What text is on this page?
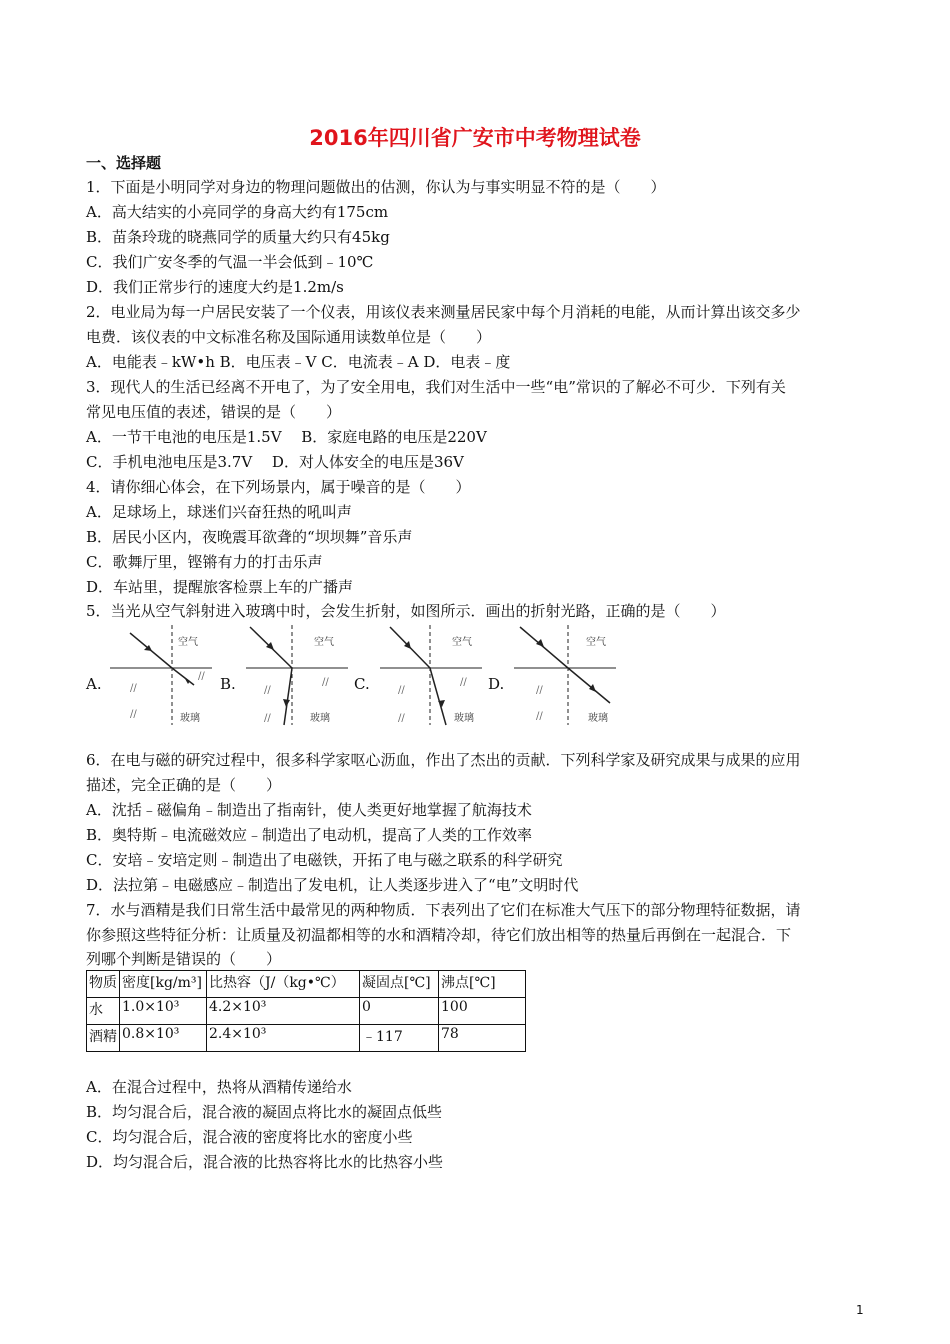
2016年四川省广安市中考物理试卷
一、选择题
1．下面是小明同学对身边的物理问题做出的估测，你认为与事实明显不符的是（　　）
A．高大结实的小亮同学的身高大约有175cm
B．苗条玲珑的晓燕同学的质量大约只有45kg
C．我们广安冬季的气温一半会低到﹣10℃
D．我们正常步行的速度大约是1.2m/s
2．电业局为每一户居民安装了一个仪表，用该仪表来测量居民家中每个月消耗的电能，从而计算出该交多少
电费．该仪表的中文标准名称及国际通用读数单位是（　　）
A．电能表﹣kW•h B．电压表﹣V C．电流表﹣A D．电表﹣度
3．现代人的生活已经离不开电了，为了安全用电，我们对生活中一些“电”常识的了解必不可少．下列有关
常见电压值的表述，错误的是（　　）
A．一节干电池的电压是1.5V　 B．家庭电路的电压是220V
C．手机电池电压是3.7V　 D．对人体安全的电压是36V
4．请你细心体会，在下列场景内，属于噪音的是（　　）
A．足球场上，球迷们兴奋狂热的吼叫声
B．居民小区内，夜晚震耳欲聋的“坝坝舞”音乐声
C．歌舞厅里，铿锵有力的打击乐声
D．车站里，提醒旅客检票上车的广播声
5．当光从空气斜射进入玻璃中时，会发生折射，如图所示．画出的折射光路，正确的是（　　）
A.	B.	C.	D.
空气
玻璃
//
//
//
空气
玻璃
//
//
//
空气
玻璃
//
//
//
空气
玻璃
//
//
6．在电与磁的研究过程中，很多科学家呕心沥血，作出了杰出的贡献．下列科学家及研究成果与成果的应用
描述，完全正确的是（　　）
A．沈括﹣磁偏角﹣制造出了指南针，使人类更好地掌握了航海技术
B．奥特斯﹣电流磁效应﹣制造出了电动机，提高了人类的工作效率
C．安培﹣安培定则﹣制造出了电磁铁，开拓了电与磁之联系的科学研究
D．法拉第﹣电磁感应﹣制造出了发电机，让人类逐步进入了“电”文明时代
7．水与酒精是我们日常生活中最常见的两种物质．下表列出了它们在标准大气压下的部分物理特征数据，请
你参照这些特征分析：让质量及初温都相等的水和酒精冷却，待它们放出相等的热量后再倒在一起混合．下
列哪个判断是错误的（　　）
物质	密度[kg/m³]	比热容（J/（kg•℃）	凝固点[℃]	沸点[℃]
水	1.0×10³	4.2×10³	0	100
酒精	0.8×10³	2.4×10³	﹣117	78
A．在混合过程中，热将从酒精传递给水
B．均匀混合后，混合液的凝固点将比水的凝固点低些
C．均匀混合后，混合液的密度将比水的密度小些
D．均匀混合后，混合液的比热容将比水的比热容小些
1
